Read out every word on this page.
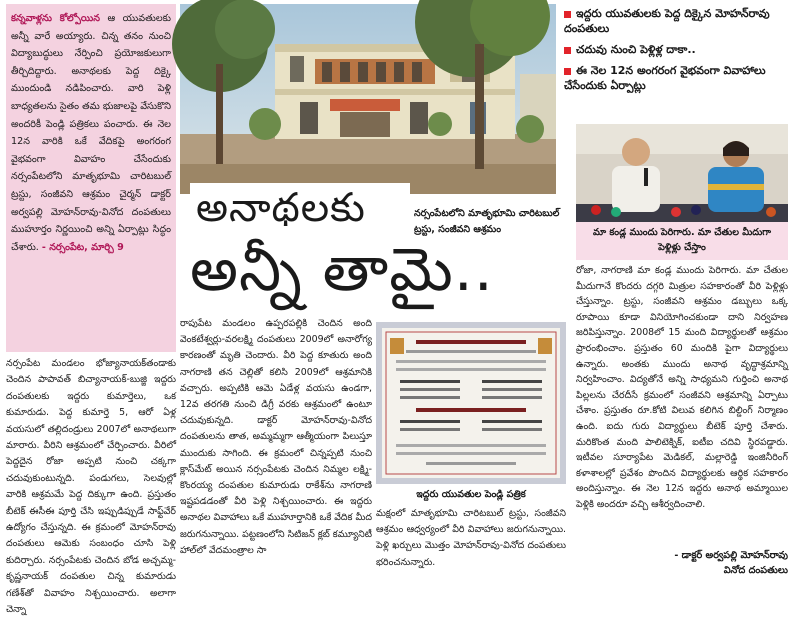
కన్నవాళ్లను కోల్పోయిన ఆ యువతులకు అన్నీ వారే అయ్యారు. చిన్న తనం నుంచి విద్యాబుద్ధులు నేర్పించి ప్రయోజకులుగా తీర్చిదిద్దారు. అనాథలకు పెద్ద దిక్కై ముందుండి నడిపించారు. వారి పెళ్లి బాధ్యతలను సైతం తమ భుజాలపై వేసుకొని అందరికీ పెండ్లి పత్రికలు పంచారు. ఈ నెల 12న వారికి ఒకే వేదికపై అంగరంగ వైభవంగా వివాహం చేసేందుకు నర్సంపేటలోని మాతృభూమి చారిటబుల్ ట్రస్టు, సంజీవని ఆశ్రమం చైర్మన్ డాక్టర్ అర్వపల్లి మోహన్‌రావు-వినోద దంపతులు ముహూర్తం నిర్ణయించి అన్ని ఏర్పాట్లు సిద్ధం చేశారు. - నర్సంపేట, మార్చి 9
అనాథలకు	నర్సంపేటలోని మాతృభూమి చారిటబుల్ ట్రస్టు, సంజీవని ఆశ్రమం
అన్నీ తామై..
ఇద్దరు యువతులకు పెద్ద దిక్కైన మోహన్‌రావు దంపతులు
చదువు నుంచి పెళ్లిళ్ల దాకా..
ఈ నెల 12న అంగరంగ వైభవంగా వివాహాలు చేసేందుకు ఏర్పాట్లు
మా కండ్ల ముందు పెరిగారు. మా చేతుల మీదుగా పెళ్లిళ్లు చేస్తాం
రోజా, నాగరాణి మా కండ్ల ముందు పెరిగారు. మా చేతుల మీదుగానే కొందరు దగ్గరి మిత్రుల సహకారంతో వీరి పెళ్లిళ్లు చేస్తున్నాం. ట్రస్టు, సంజీవని ఆశ్రమం డబ్బులు ఒక్క రూపాయి కూడా వినియోగించకుండా దాని నిర్వహణ జరిపిస్తున్నాం. 2008లో 15 మంది విద్యార్థులతో ఆశ్రమం ప్రారంభించాం. ప్రస్తుతం 60 మందికి పైగా విద్యార్థులు ఉన్నారు. అంతకు ముందు అనాథ వృద్ధాశ్రమాన్ని నిర్వహించాం. విద్యతోనే అన్ని సాధ్యమని గుర్తించి అనాథ పిల్లలను చేరదీసే క్రమంలో సంజీవని ఆశ్రమాన్ని ఏర్పాటు చేశాం. ప్రస్తుతం రూ.కోటి విలువ కలిగిన బిల్డింగ్ నిర్మాణం ఉంది. ఐదు గురు విద్యార్థులు బీటెక్ పూర్తి చేశారు. మరికొంత మంది పాలిటెక్నిక్, ఐటీఐ చదివి స్థిరపడ్డారు. ఇటీవల సూర్యాపేట మెడికల్, మల్లారెడ్డి ఇంజినీరింగ్ కళాశాలల్లో ప్రవేశం పొందిన విద్యార్థులకు ఆర్థిక సహకారం అందిస్తున్నాం. ఈ నెల 12న ఇద్దరు అనాథ అమ్మాయిల పెళ్లికి అందరూ వచ్చి ఆశీర్వదించాలి.
- డాక్టర్ అర్వపల్లి మోహన్‌రావు
వినోద దంపతులు
నర్సంపేట మండలం భోజ్యానాయక్‌తండాకు చెందిన పాపావత్ బిచ్యానాయక్-బుజ్జి ఇద్దరు దంపతులకు ఇద్దరు కుమార్తెలు, ఒక కుమారుడు. పెద్ద కుమార్తె 5, ఆరో ఏళ్ల వయసులో తల్లిదండ్రులు 2007లో అనాథలుగా మారారు. వీరిని ఆశ్రమంలో చేర్పించారు. వీరిలో పెద్దదైన రోజా అప్పటి నుంచి చక్కగా చదువుకుంటున్నది. పండుగలు, సెలవుల్లో వారికి ఆశ్రమమే పెద్ద దిక్కుగా ఉంది. ప్రస్తుతం బీటెక్ ఈసీఈ పూర్తి చేసి ఇప్పుడిప్పుడే సాఫ్ట్‌వేర్ ఉద్యోగం చేస్తున్నది. ఈ క్రమంలో మోహన్‌రావు దంపతులు ఆమెకు సంబంధం చూసి పెళ్లి కుదిర్చారు. నర్సంపేటకు చెందిన బోడ అచ్చమ్మ-కృష్ణనాయక్ దంపతుల చిన్న కుమారుడు గణేశ్‌తో వివాహం నిశ్చయించారు. అలాగా చెన్నా
రాపుపేట మండలం ఉప్పరపల్లికి చెందిన అంది వెంకటేశ్వర్లు-వరలక్ష్మి దంపతులు 2009లో అనారోగ్య కారణంతో మృతి చెందారు. వీరి పెద్ద కూతురు అంది నాగరాణి తన చెల్లితో కలిసి 2009లో ఆశ్రమానికి వచ్చారు. అప్పటికి ఆమె ఏడేళ్ల వయసు ఉండగా, 12వ తరగతి నుంచి డిగ్రీ వరకు ఆశ్రమంలో ఉంటూ చదువుకున్నది. డాక్టర్ మోహన్‌రావు-వినోద దంపతులను తాత, అమ్మమ్మగా ఆత్మీయంగా పిలుస్తూ ముందుకు సాగింది. ఈ క్రమంలో చిన్నప్పటి నుంచి క్లాస్‌మేట్ అయిన నర్సంపేటకు చెందిన నిమ్మల లక్ష్మి-కొంరయ్య దంపతుల కుమారుడు రాకేశ్‌ను నాగరాణి ఇష్టపడడంతో వీరి పెళ్లి నిశ్చయించారు. ఈ ఇద్దరు అనాథల వివాహాలు ఒకే ముహూర్తానికి ఒకే వేదిక మీద జరుగనున్నాయి. పట్టణంలోని సిటిజన్ క్లబ్ కమ్యూనిటీ హాల్‌లో వేదమంత్రాల సా
ఇద్దరు యువతుల పెండ్లి పత్రిక
మక్షంలో మాతృభూమి చారిటబుల్ ట్రస్టు, సంజీవని ఆశ్రమం ఆధ్వర్యంలో వీరి వివాహాలు జరుగనున్నాయి. పెళ్లి ఖర్చులు మొత్తం మోహన్‌రావు-వినోద దంపతులు భరించనున్నారు.
